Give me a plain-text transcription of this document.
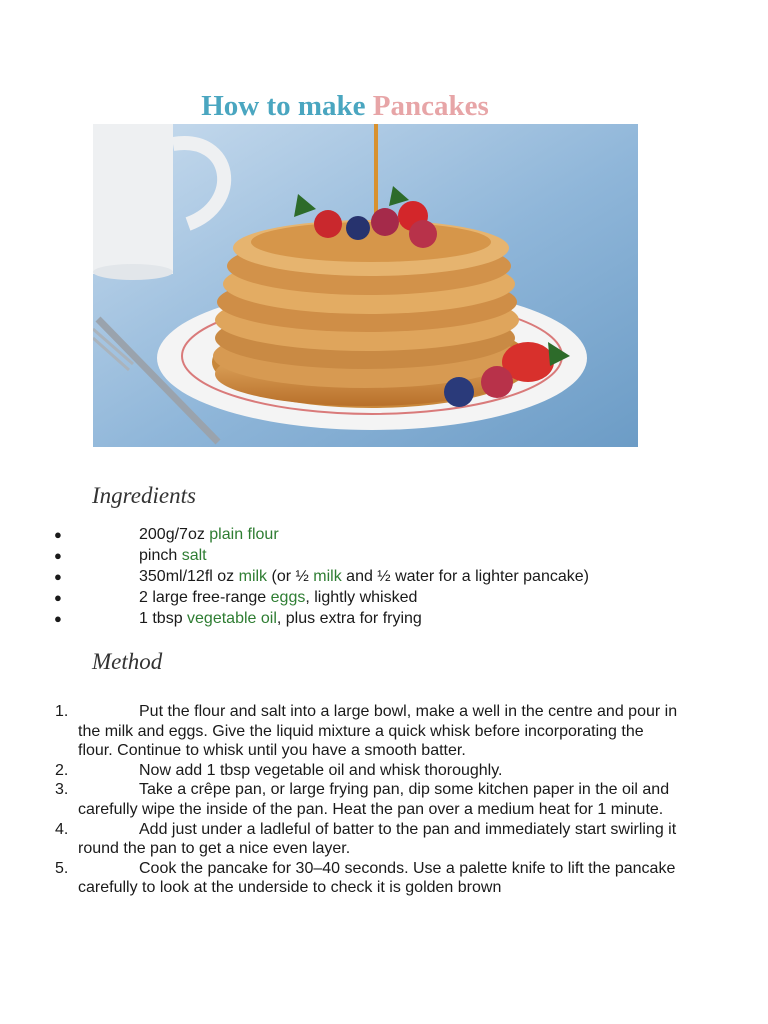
How to make Pancakes
Ingredients
●	200g/7oz plain flour
●	pinch salt
●	350ml/12fl oz milk (or ½ milk and ½ water for a lighter pancake)
●	2 large free-range eggs, lightly whisked
●	1 tbsp vegetable oil, plus extra for frying
Method
1.	Put the flour and salt into a large bowl, make a well in the centre and pour in the milk and eggs. Give the liquid mixture a quick whisk before incorporating the flour. Continue to whisk until you have a smooth batter.
2.	Now add 1 tbsp vegetable oil and whisk thoroughly.
3.	Take a crêpe pan, or large frying pan, dip some kitchen paper in the oil and carefully wipe the inside of the pan. Heat the pan over a medium heat for 1 minute.
4.	Add just under a ladleful of batter to the pan and immediately start swirling it round the pan to get a nice even layer.
5.	Cook the pancake for 30–40 seconds. Use a palette knife to lift the pancake carefully to look at the underside to check it is golden brown
